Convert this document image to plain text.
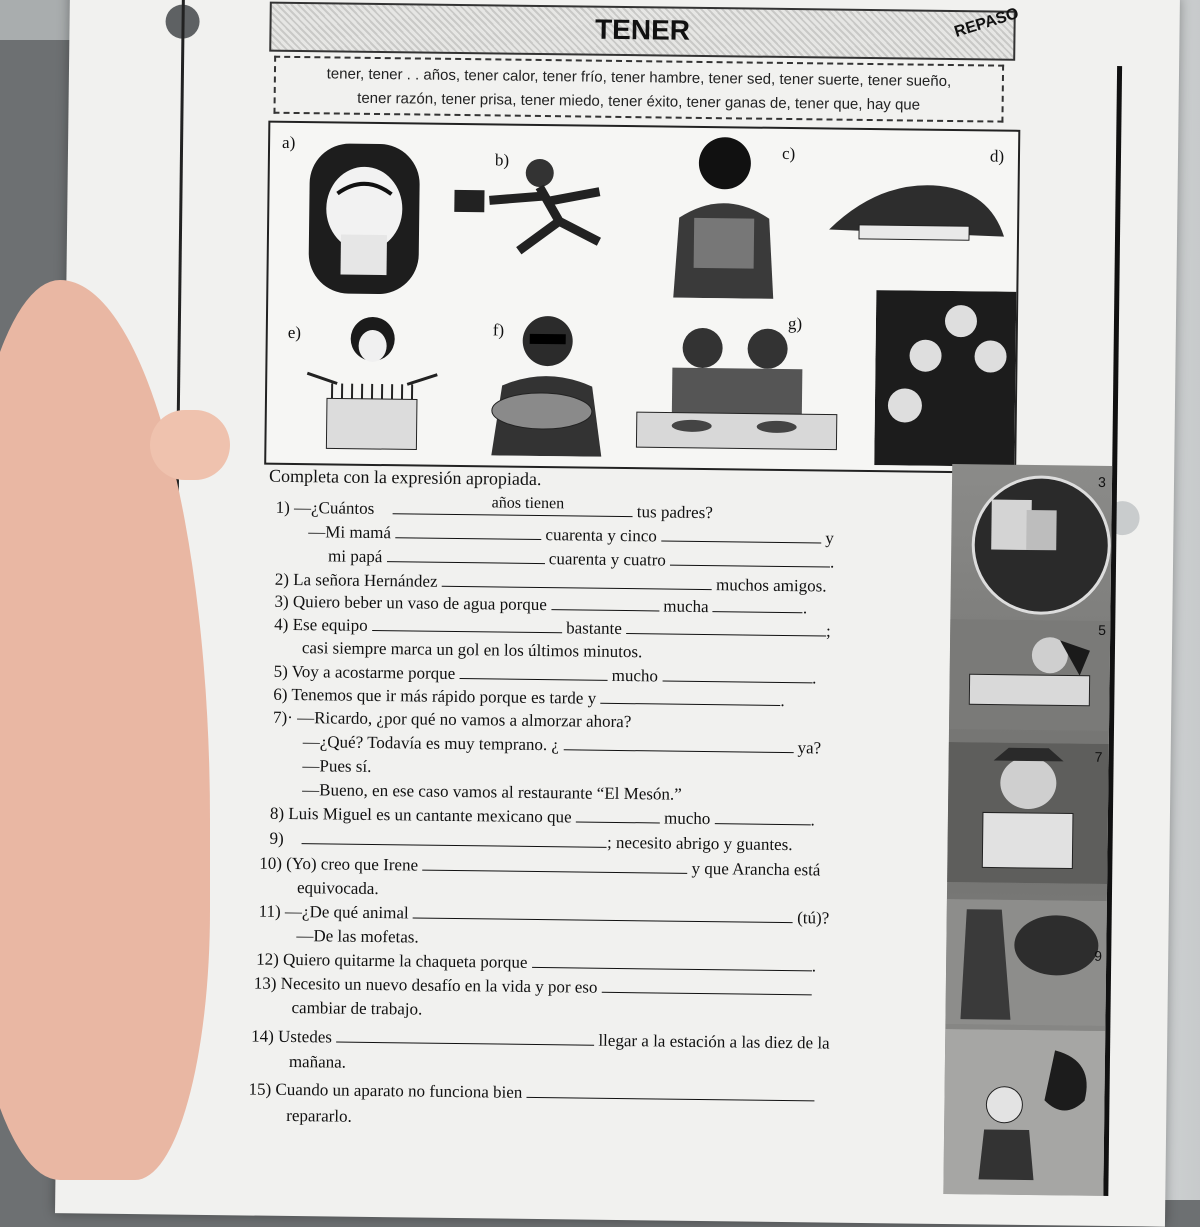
TENER	REPASO
tener, tener . . años, tener calor, tener frío, tener hambre, tener sed, tener suerte, tener sueño,
tener razón, tener prisa, tener miedo, tener éxito, tener ganas de, tener que, hay que
a)
b)	c)	d)
e)	f)	g)
Completa con la expresión apropiada.
1) —¿Cuántos	tus padres?
años tienen
—Mi mamá	cuarenta y cinco	y
mi papá	cuarenta y cuatro	.
2) La señora Hernández	muchos amigos.
3) Quiero beber un vaso de agua porque	mucha	.
4) Ese equipo	bastante	;
casi siempre marca un gol en los últimos minutos.
5) Voy a acostarme porque	mucho	.
6) Tenemos que ir más rápido porque es tarde y	.
7)· —Ricardo, ¿por qué no vamos a almorzar ahora?
—¿Qué? Todavía es muy temprano. ¿	ya?
—Pues sí.
—Bueno, en ese caso vamos al restaurante “El Mesón.”
8) Luis Miguel es un cantante mexicano que	mucho	.
9)	; necesito abrigo y guantes.
10) (Yo) creo que Irene	y que Arancha está
equivocada.
11) —¿De qué animal	(tú)?
—De las mofetas.
12) Quiero quitarme la chaqueta porque	.
13) Necesito un nuevo desafío en la vida y por eso
cambiar de trabajo.
14) Ustedes	llegar a la estación a las diez de la
mañana.
15) Cuando un aparato no funciona bien
repararlo.
3
5
7
9
